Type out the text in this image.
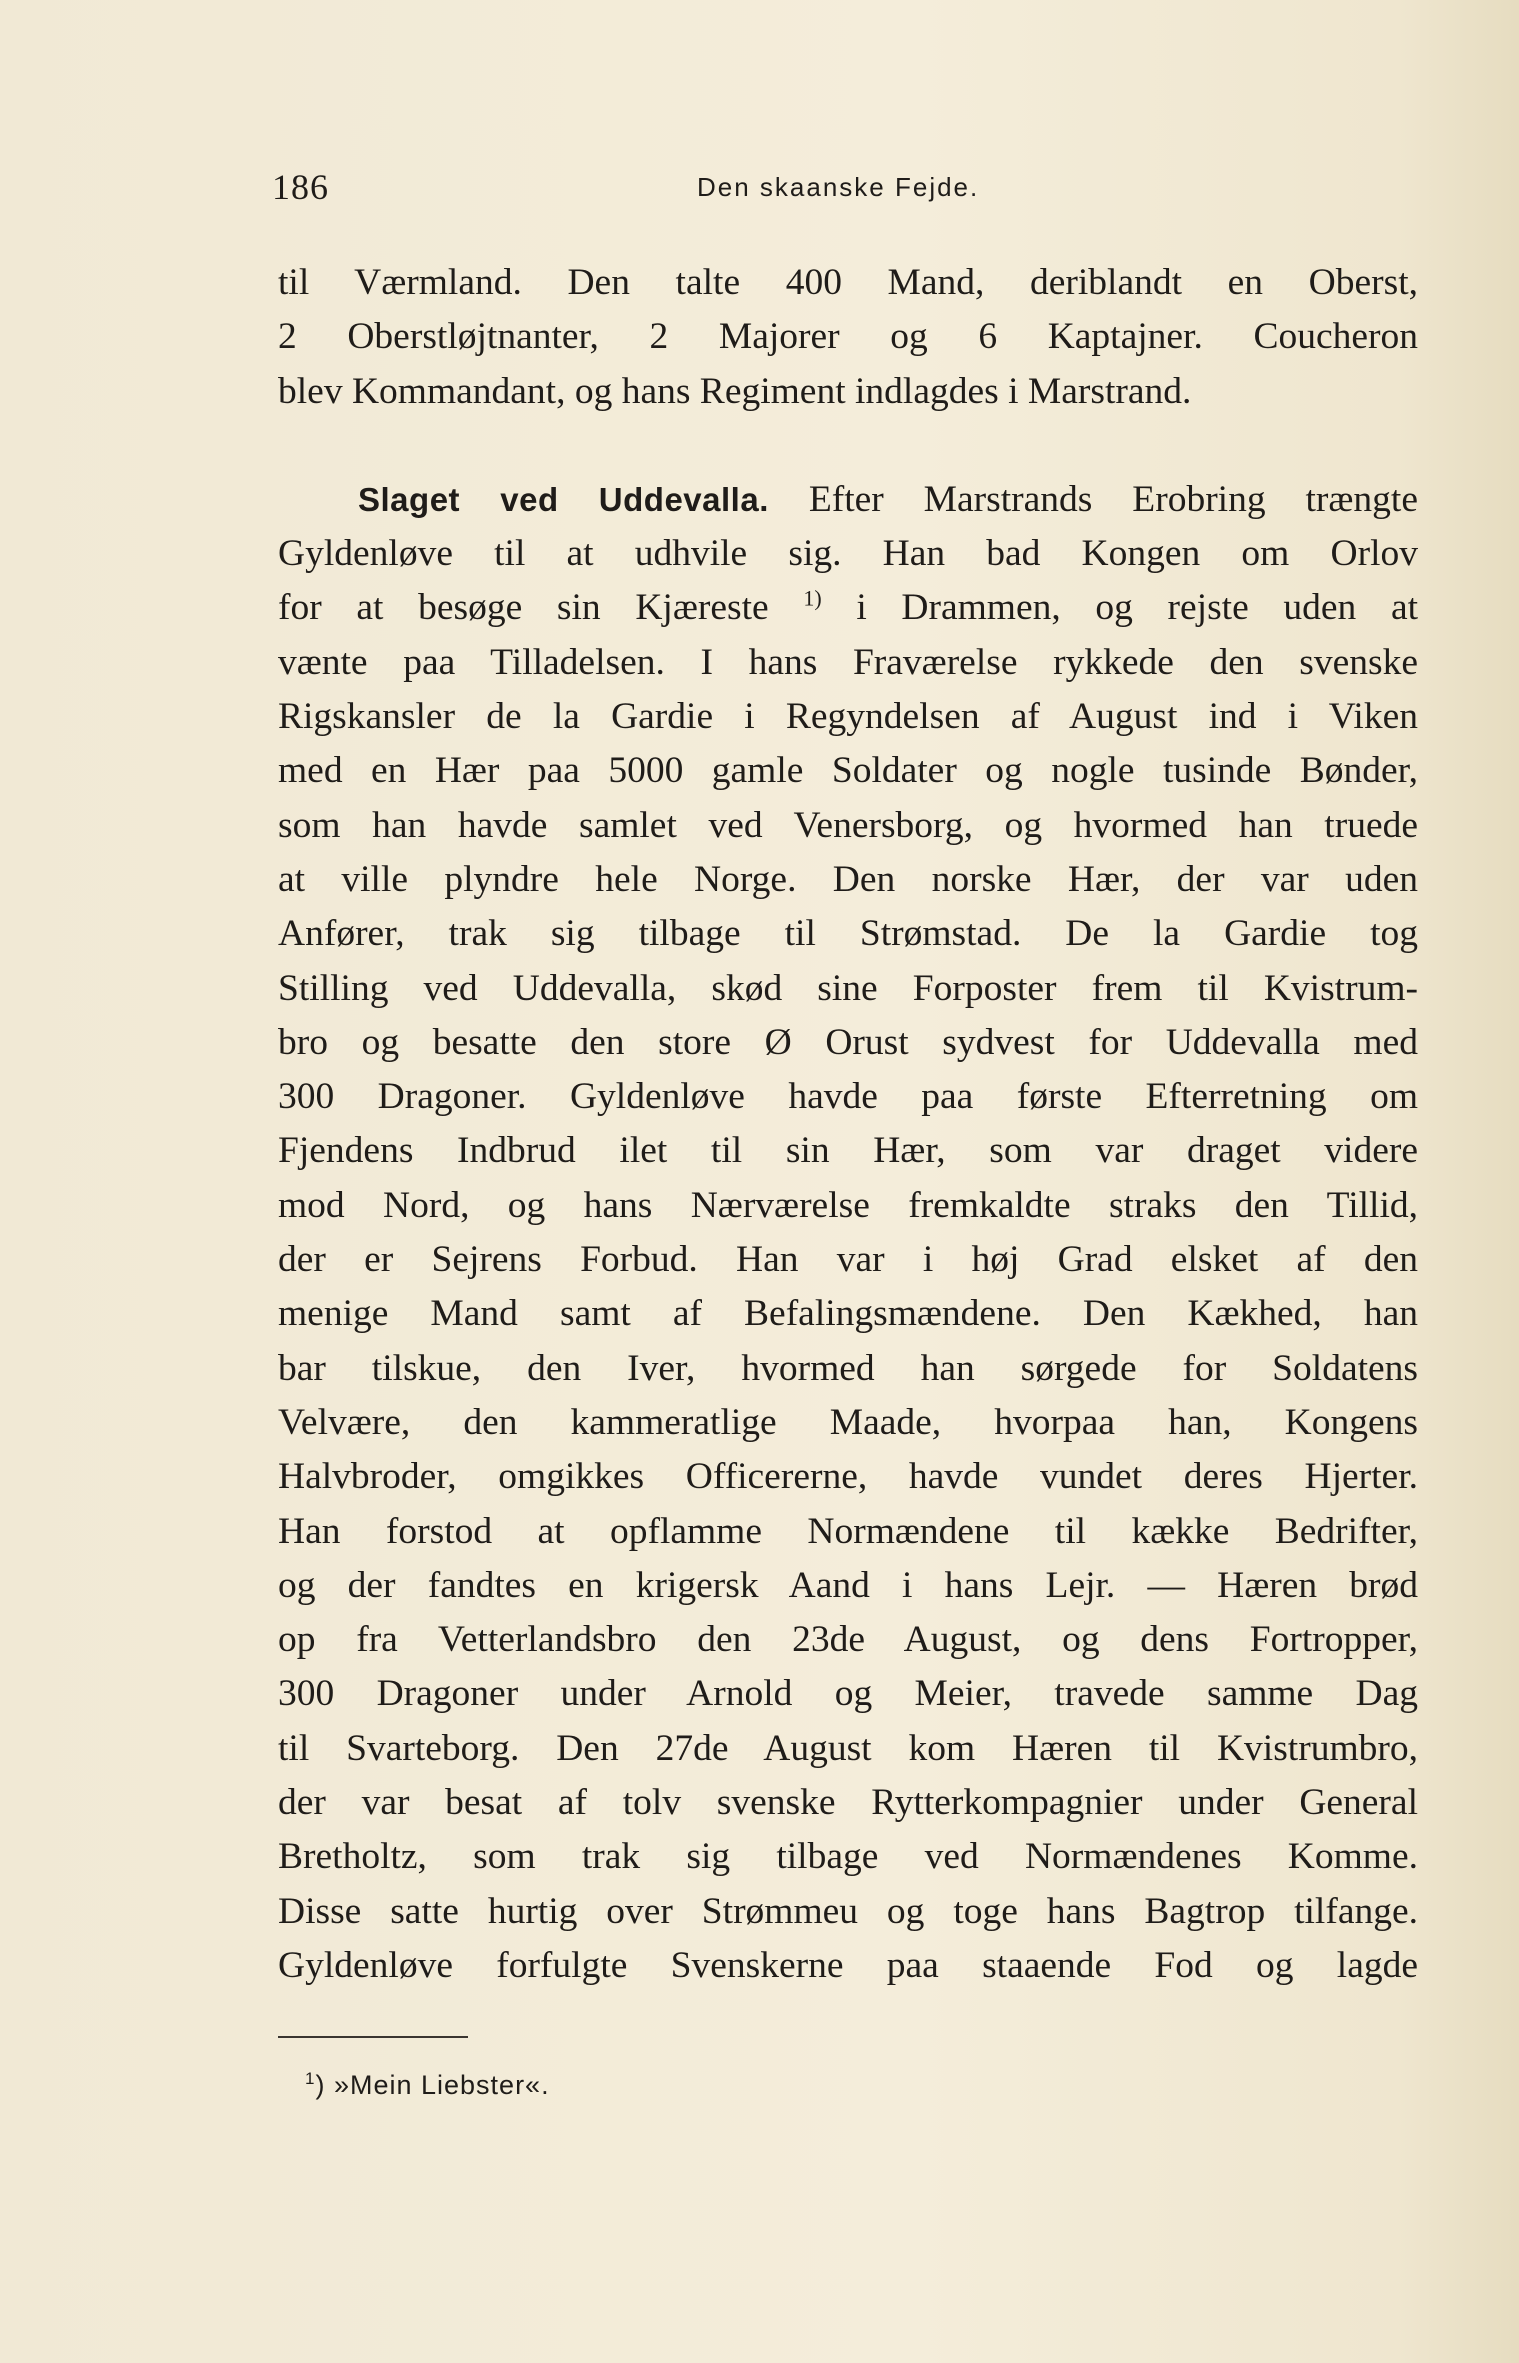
186	Den skaanske Fejde.
til Værmland. Den talte 400 Mand, deriblandt en Oberst,
2 Oberstløjtnanter, 2 Majorer og 6 Kaptajner. Coucheron
blev Kommandant, og hans Regiment indlagdes i Marstrand.
Slaget ved Uddevalla. Efter Marstrands Erobring trængte
Gyldenløve til at udhvile sig. Han bad Kongen om Orlov
for at besøge sin Kjæreste $^{1)}$ i Drammen, og rejste uden at
vænte paa Tilladelsen. I hans Fraværelse rykkede den svenske
Rigskansler de la Gardie i Regyndelsen af August ind i Viken
med en Hær paa 5000 gamle Soldater og nogle tusinde Bønder,
som han havde samlet ved Venersborg, og hvormed han truede
at ville plyndre hele Norge. Den norske Hær, der var uden
Anfører, trak sig tilbage til Strømstad. De la Gardie tog
Stilling ved Uddevalla, skød sine Forposter frem til Kvistrum-
bro og besatte den store Ø Orust sydvest for Uddevalla med
300 Dragoner. Gyldenløve havde paa første Efterretning om
Fjendens Indbrud ilet til sin Hær, som var draget videre
mod Nord, og hans Nærværelse fremkaldte straks den Tillid,
der er Sejrens Forbud. Han var i høj Grad elsket af den
menige Mand samt af Befalingsmændene. Den Kækhed, han
bar tilskue, den Iver, hvormed han sørgede for Soldatens
Velvære, den kammeratlige Maade, hvorpaa han, Kongens
Halvbroder, omgikkes Officererne, havde vundet deres Hjerter.
Han forstod at opflamme Normændene til kække Bedrifter,
og der fandtes en krigersk Aand i hans Lejr. — Hæren brød
op fra Vetterlandsbro den 23de August, og dens Fortropper,
300 Dragoner under Arnold og Meier, travede samme Dag
til Svarteborg. Den 27de August kom Hæren til Kvistrumbro,
der var besat af tolv svenske Rytterkompagnier under General
Bretholtz, som trak sig tilbage ved Normændenes Komme.
Disse satte hurtig over Strømmeu og toge hans Bagtrop tilfange.
Gyldenløve forfulgte Svenskerne paa staaende Fod og lagde
$^1$) »Mein Liebster«.
